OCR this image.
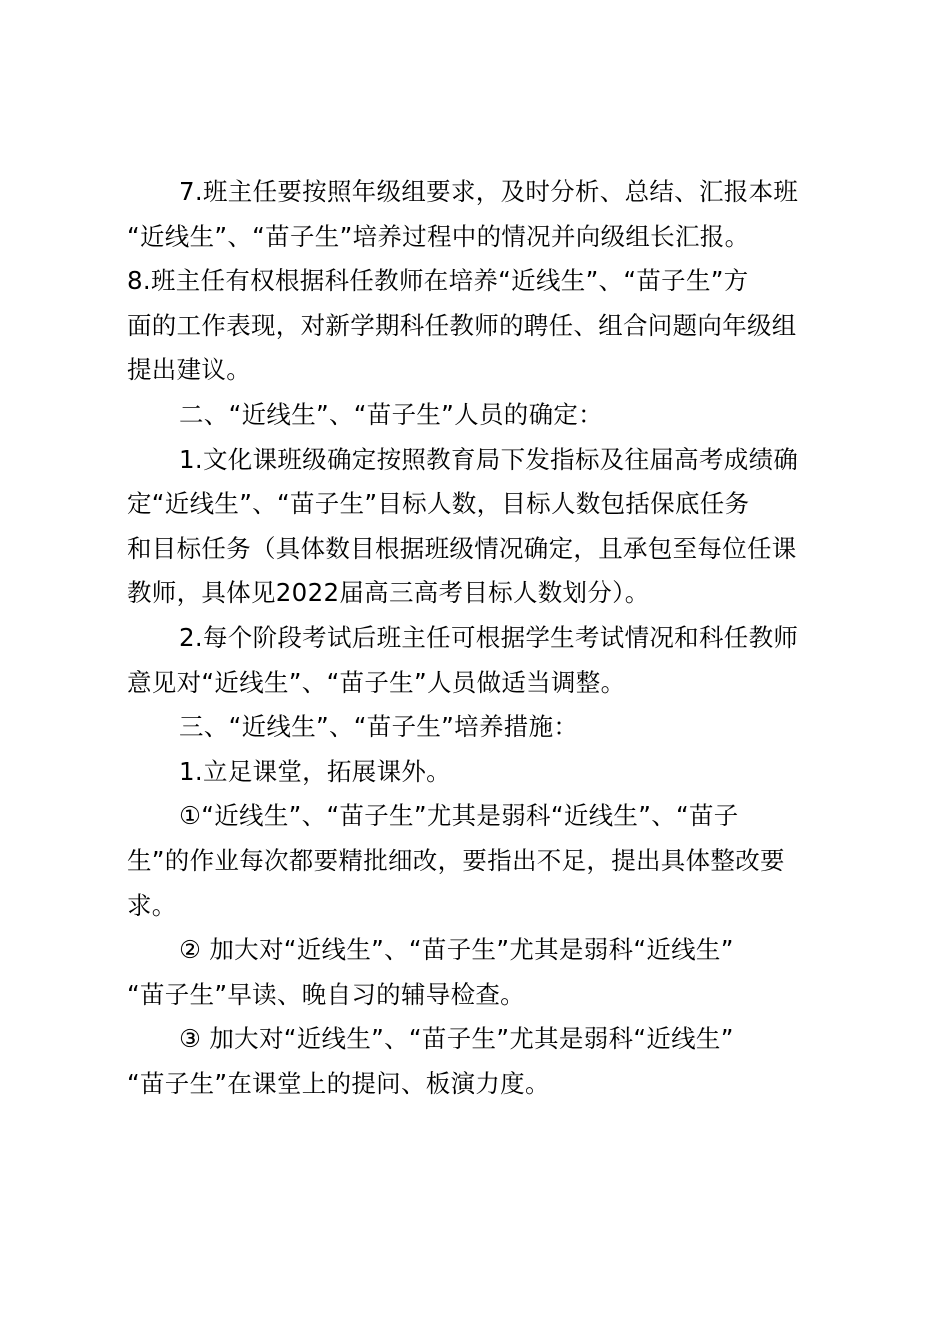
7.班主任要按照年级组要求，及时分析、总结、汇报本班
“近线生”、“苗子生”培养过程中的情况并向级组长汇报。
8.班主任有权根据科任教师在培养“近线生”、“苗子生”方
面的工作表现，对新学期科任教师的聘任、组合问题向年级组
提出建议。
二、“近线生”、“苗子生”人员的确定：
1.文化课班级确定按照教育局下发指标及往届高考成绩确
定“近线生”、“苗子生”目标人数，目标人数包括保底任务
和目标任务（具体数目根据班级情况确定，且承包至每位任课
教师，具体见2022届高三高考目标人数划分）。
2.每个阶段考试后班主任可根据学生考试情况和科任教师
意见对“近线生”、“苗子生”人员做适当调整。
三、“近线生”、“苗子生”培养措施：
1.立足课堂，拓展课外。
①“近线生”、“苗子生”尤其是弱科“近线生”、“苗子
生”的作业每次都要精批细改，要指出不足，提出具体整改要
求。
② 加大对“近线生”、“苗子生”尤其是弱科“近线生”
“苗子生”早读、晚自习的辅导检查。
③ 加大对“近线生”、“苗子生”尤其是弱科“近线生”
“苗子生”在课堂上的提问、板演力度。
